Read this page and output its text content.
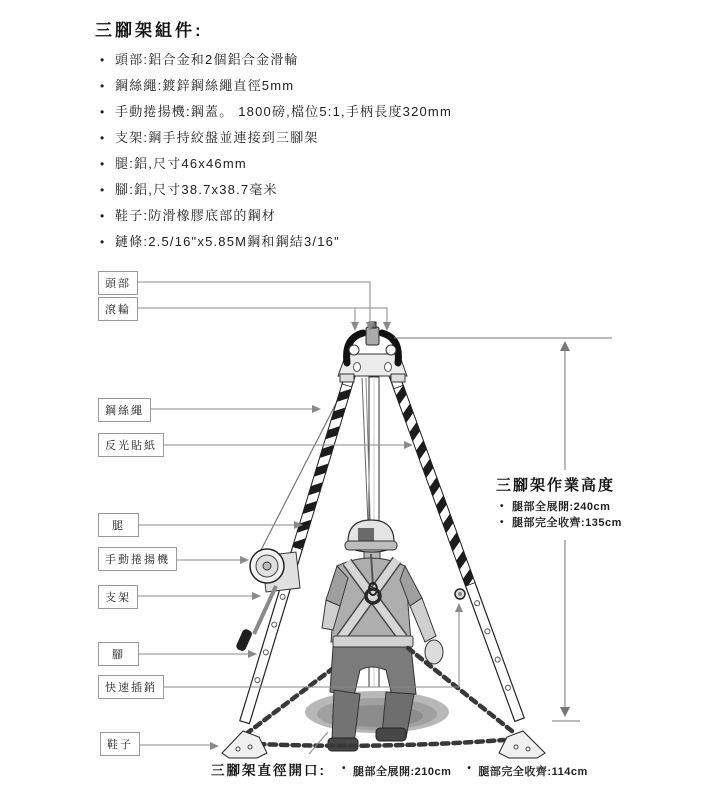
三腳架組件:
• 頭部:鋁合金和2個鋁合金滑輪
• 鋼絲繩:鍍鋅鋼絲繩直徑5mm
• 手動捲揚機:鋼蓋。 1800磅,檔位5:1,手柄長度320mm
• 支架:鋼手持絞盤並連接到三腳架
• 腿:鋁,尺寸46x46mm
• 腳:鋁,尺寸38.7x38.7毫米
• 鞋子:防滑橡膠底部的鋼材
• 鏈條:2.5/16"x5.85M鋼和鋼結3/16"
頭部
滾輪
鋼絲繩
反光貼紙
腿
手動捲揚機
支架
腳
快速插銷
鞋子
三腳架作業高度
• 腿部全展開:240cm
• 腿部完全收齊:135cm
三腳架直徑開口:	• 腿部全展開:210cm	• 腿部完全收齊:114cm
